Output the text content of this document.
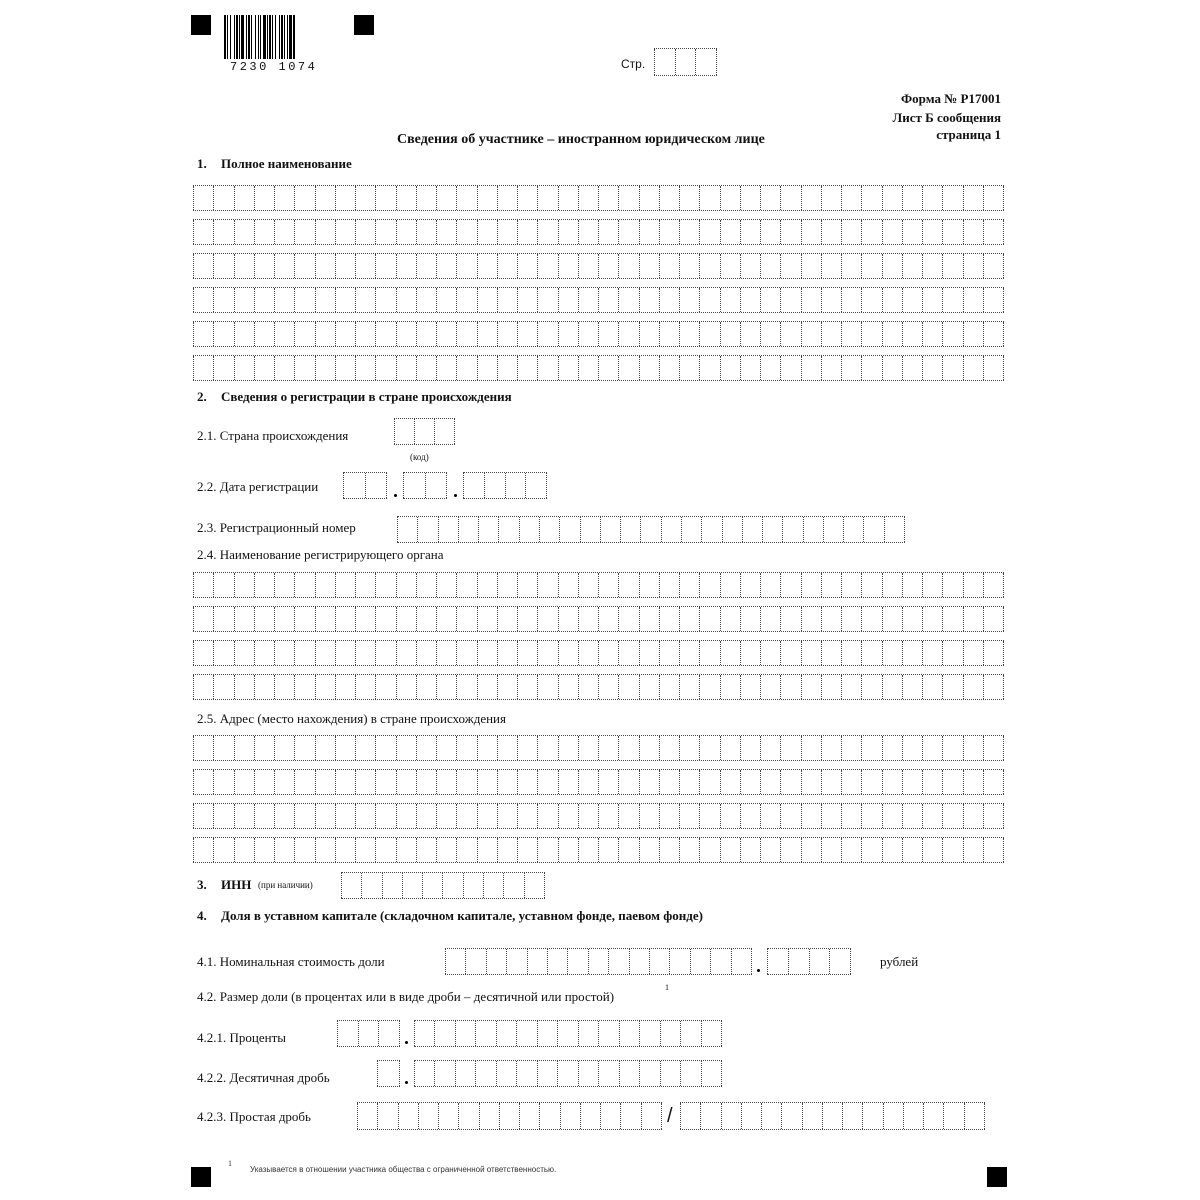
7230 1074	Стр.
Форма № Р17001
Лист Б сообщения
страница 1
Сведения об участнике – иностранном юридическом лице
1. Полное наименование
2. Сведения о регистрации в стране происхождения
2.1. Страна происхождения
(код)
2.2. Дата регистрации
2.3. Регистрационный номер
2.4. Наименование регистрирующего органа
2.5. Адрес (место нахождения) в стране происхождения
3. ИНН (при наличии)
4. Доля в уставном капитале (складочном капитале, уставном фонде, паевом фонде)
4.1. Номинальная стоимость доли	рублей
4.2. Размер доли (в процентах или в виде дроби – десятичной или простой)
1
4.2.1. Проценты
4.2.2. Десятичная дробь
4.2.3. Простая дробь	/
1
Указывается в отношении участника общества с ограниченной ответственностью.
